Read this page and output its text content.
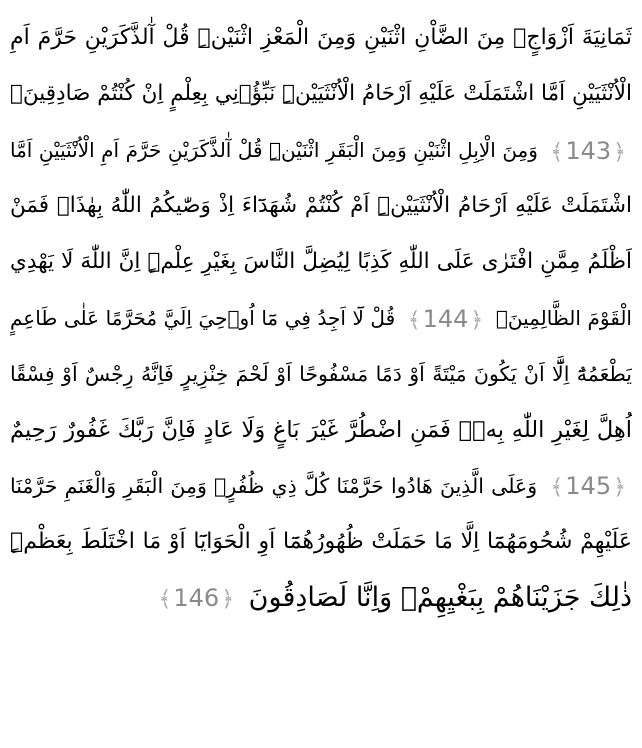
ثَمَانِيَةَ اَزْوَاجٍۚ مِنَ الضَّاْنِ اثْنَيْنِ وَمِنَ الْمَعْزِ اثْنَيْنِۜ قُلْ آٰلذَّكَرَيْنِ حَرَّمَ اَمِ
الْاُنْثَيَيْنِ اَمَّا اشْتَمَلَتْ عَلَيْهِ اَرْحَامُ الْاُنْثَيَيْنِۜ نَبِّؤُ۫نِي بِعِلْمٍ اِنْ كُنْتُمْ صَادِقِينَۙ
﴾143﴿ وَمِنَ الْاِبِلِ اثْنَيْنِ وَمِنَ الْبَقَرِ اثْنَيْنِۜ قُلْ آٰلذَّكَرَيْنِ حَرَّمَ اَمِ الْاُنْثَيَيْنِ اَمَّا
اشْتَمَلَتْ عَلَيْهِ اَرْحَامُ الْاُنْثَيَيْنِۜ اَمْ كُنْتُمْ شُهَدَٓاءَ اِذْ وَصّٰيكُمُ اللّٰهُ بِهٰذَاۚ فَمَنْ
اَظْلَمُ مِمَّنِ افْتَرٰى عَلَى اللّٰهِ كَذِبًا لِيُضِلَّ النَّاسَ بِغَيْرِ عِلْمٍۜ اِنَّ اللّٰهَ لَا يَهْدِي
الْقَوْمَ الظَّالِمِينَ۟ ﴾144﴿ قُلْ لَٓا اَجِدُ فِي مَٓا اُو۫حِيَ اِلَيَّ مُحَرَّمًا عَلٰى طَاعِمٍ
يَطْعَمُهُٓ اِلَّٓا اَنْ يَكُونَ مَيْتَةً اَوْ دَمًا مَسْفُوحًا اَوْ لَحْمَ خِنْزِيرٍ فَاِنَّهُ رِجْسٌ اَوْ فِسْقًا
اُهِلَّ لِغَيْرِ اللّٰهِ بِهٖۚ فَمَنِ اضْطُرَّ غَيْرَ بَاغٍ وَلَا عَادٍ فَاِنَّ رَبَّكَ غَفُورٌ رَحِيمٌ
﴾145﴿ وَعَلَى الَّذِينَ هَادُوا حَرَّمْنَا كُلَّ ذِي ظُفُرٍۚ وَمِنَ الْبَقَرِ وَالْغَنَمِ حَرَّمْنَا
عَلَيْهِمْ شُحُومَهُمَٓا اِلَّا مَا حَمَلَتْ ظُهُورُهُمَٓا اَوِ الْحَوَايَٓا اَوْ مَا اخْتَلَطَ بِعَظْمٍۜ
ذٰلِكَ جَزَيْنَاهُمْ بِبَغْيِهِمْۘ وَاِنَّا لَصَادِقُونَ ﴾146﴿
